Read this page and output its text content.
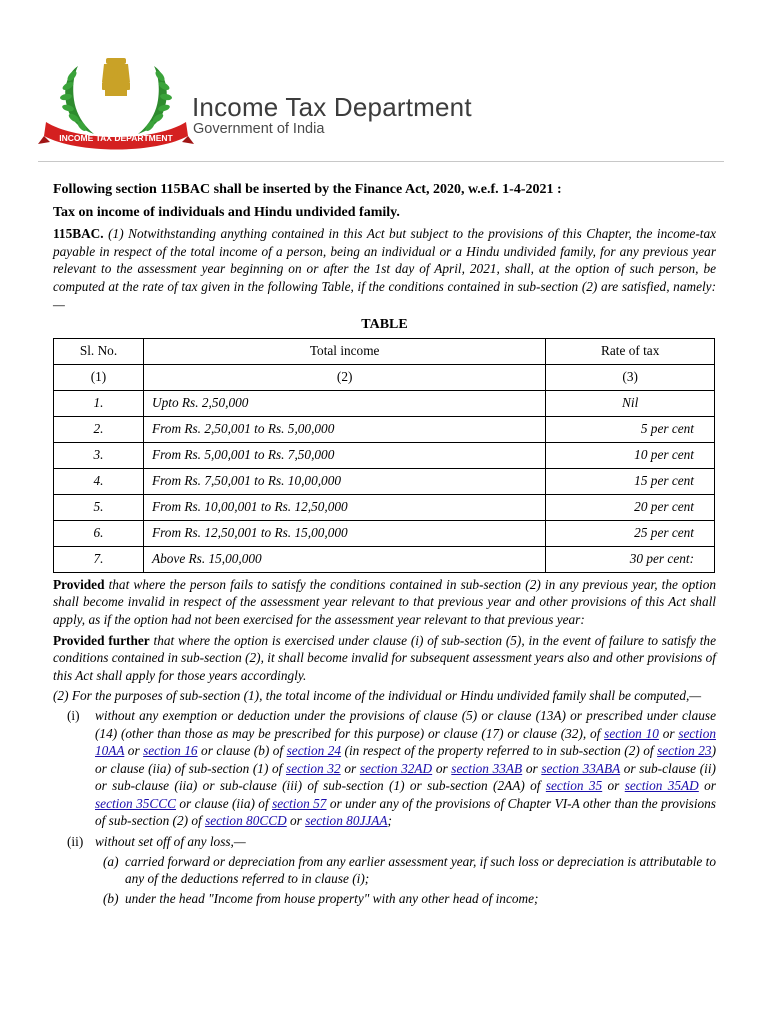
INCOME TAX DEPARTMENT
Income Tax Department
Government of India

Following section 115BAC shall be inserted by the Finance Act, 2020, w.e.f. 1-4-2021 :

Tax on income of individuals and Hindu undivided family.

115BAC. (1) Notwithstanding anything contained in this Act but subject to the provisions of this Chapter, the income-tax payable in respect of the total income of a person, being an individual or a Hindu undivided family, for any previous year relevant to the assessment year beginning on or after the 1st day of April, 2021, shall, at the option of such person, be computed at the rate of tax given in the following Table, if the conditions contained in sub-section (2) are satisfied, namely:—

TABLE

Sl. No.	Total income	Rate of tax
(1)	(2)	(3)
1.	Upto Rs. 2,50,000	Nil
2.	From Rs. 2,50,001 to Rs. 5,00,000	5 per cent
3.	From Rs. 5,00,001 to Rs. 7,50,000	10 per cent
4.	From Rs. 7,50,001 to Rs. 10,00,000	15 per cent
5.	From Rs. 10,00,001 to Rs. 12,50,000	20 per cent
6.	From Rs. 12,50,001 to Rs. 15,00,000	25 per cent
7.	Above Rs. 15,00,000	30 per cent:

Provided that where the person fails to satisfy the conditions contained in sub-section (2) in any previous year, the option shall become invalid in respect of the assessment year relevant to that previous year and other provisions of this Act shall apply, as if the option had not been exercised for the assessment year relevant to that previous year:

Provided further that where the option is exercised under clause (i) of sub-section (5), in the event of failure to satisfy the conditions contained in sub-section (2), it shall become invalid for subsequent assessment years also and other provisions of this Act shall apply for those years accordingly.

(2) For the purposes of sub-section (1), the total income of the individual or Hindu undivided family shall be computed,—

(i) without any exemption or deduction under the provisions of clause (5) or clause (13A) or prescribed under clause (14) (other than those as may be prescribed for this purpose) or clause (17) or clause (32), of section 10 or section 10AA or section 16 or clause (b) of section 24 (in respect of the property referred to in sub-section (2) of section 23) or clause (iia) of sub-section (1) of section 32 or section 32AD or section 33AB or section 33ABA or sub-clause (ii) or sub-clause (iia) or sub-clause (iii) of sub-section (1) or sub-section (2AA) of section 35 or section 35AD or section 35CCC or clause (iia) of section 57 or under any of the provisions of Chapter VI-A other than the provisions of sub-section (2) of section 80CCD or section 80JJAA;
(ii) without set off of any loss,—
(a) carried forward or depreciation from any earlier assessment year, if such loss or depreciation is attributable to any of the deductions referred to in clause (i);
(b) under the head "Income from house property" with any other head of income;
